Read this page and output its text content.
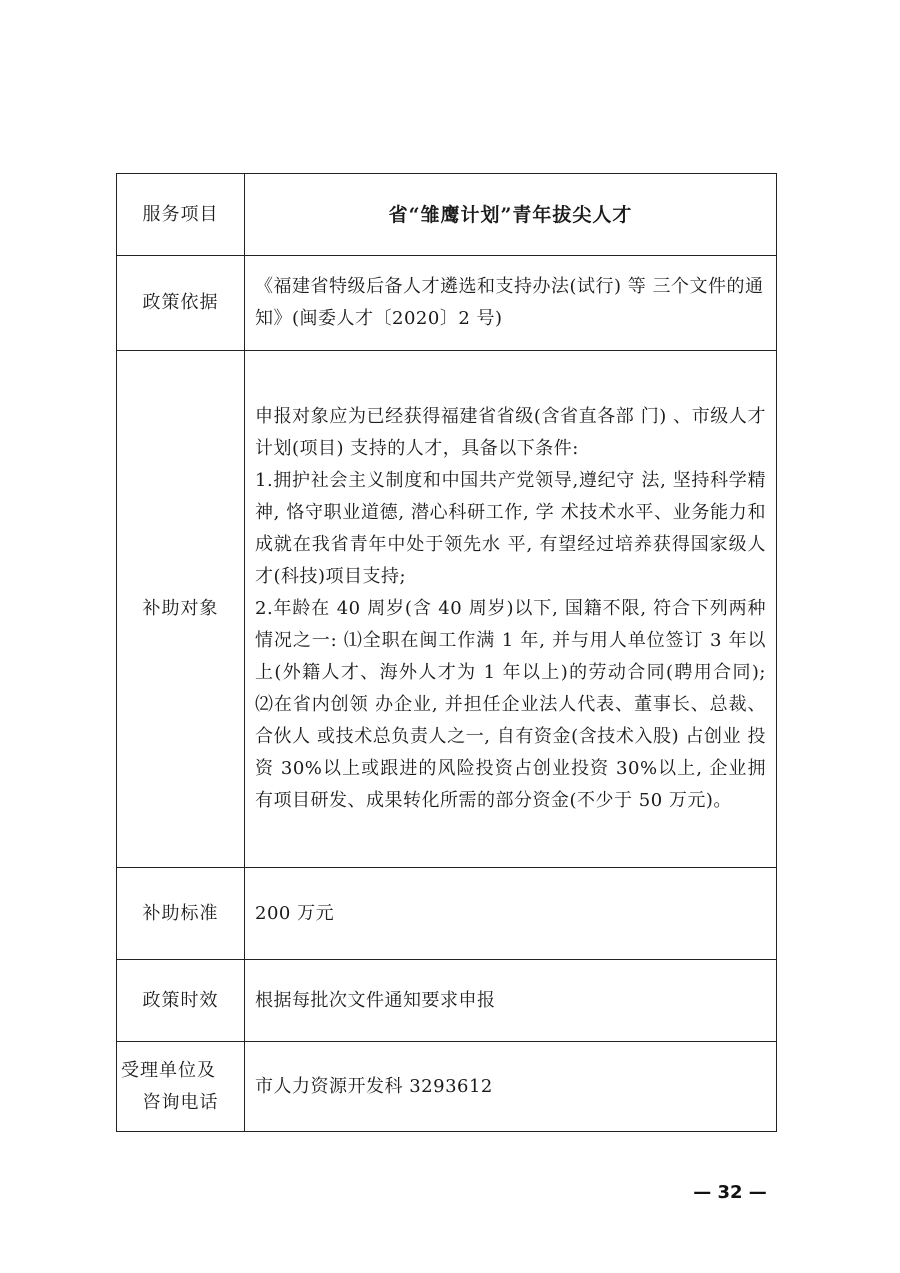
服务项目	省“雏鹰计划”青年拔尖人才
政策依据	《福建省特级后备人才遴选和支持办法(试行) 等 三个文件的通知》(闽委人才〔2020〕2 号)
补助对象	申报对象应为已经获得福建省省级(含省直各部 门) 、市级人才计划(项目) 支持的人才，具备以下条件:
1.拥护社会主义制度和中国共产党领导,遵纪守 法, 坚持科学精神, 恪守职业道德, 潜心科研工作, 学 术技术水平、业务能力和成就在我省青年中处于领先水 平, 有望经过培养获得国家级人才(科技)项目支持;
2.年龄在 40 周岁(含 40 周岁)以下, 国籍不限, 符合下列两种情况之一: ⑴全职在闽工作满 1 年, 并与用人单位签订 3 年以上(外籍人才、海外人才为 1 年以上)的劳动合同(聘用合同); ⑵在省内创领 办企业, 并担任企业法人代表、董事长、总裁、合伙人 或技术总负责人之一, 自有资金(含技术入股) 占创业 投资 30%以上或跟进的风险投资占创业投资 30%以上, 企业拥有项目研发、成果转化所需的部分资金(不少于 50 万元)。

补助标准	200 万元
政策时效	根据每批次文件通知要求申报

受理单位及
咨询电话	市人力资源开发科 3293612
— 32 —
